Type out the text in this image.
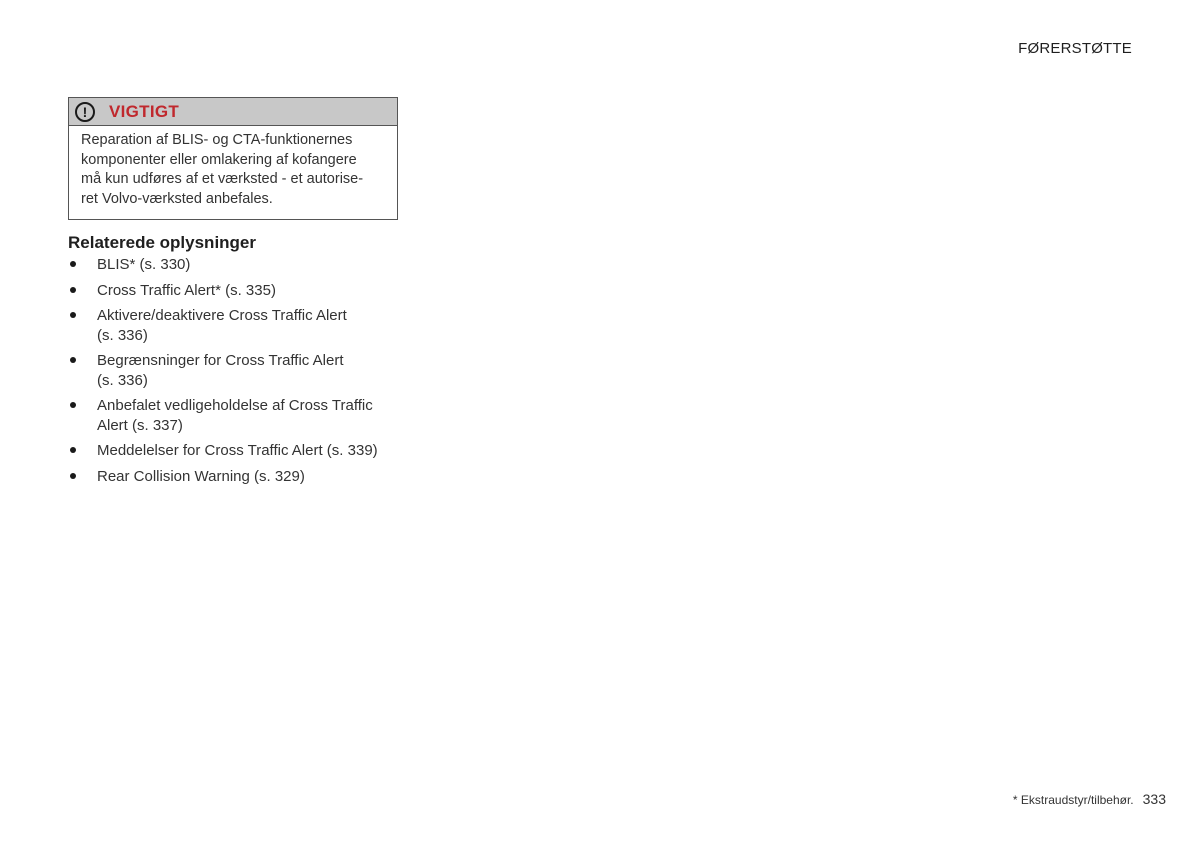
FØRERSTØTTE
!	VIGTIGT
Reparation af BLIS- og CTA-funktionernes
komponenter eller omlakering af kofangere
må kun udføres af et værksted - et autorise-
ret Volvo-værksted anbefales.
Relaterede oplysninger
BLIS* (s. 330)
Cross Traffic Alert* (s. 335)
Aktivere/deaktivere Cross Traffic Alert
(s. 336)
Begrænsninger for Cross Traffic Alert
(s. 336)
Anbefalet vedligeholdelse af Cross Traffic
Alert (s. 337)
Meddelelser for Cross Traffic Alert (s. 339)
Rear Collision Warning (s. 329)
* Ekstraudstyr/tilbehør. 333
